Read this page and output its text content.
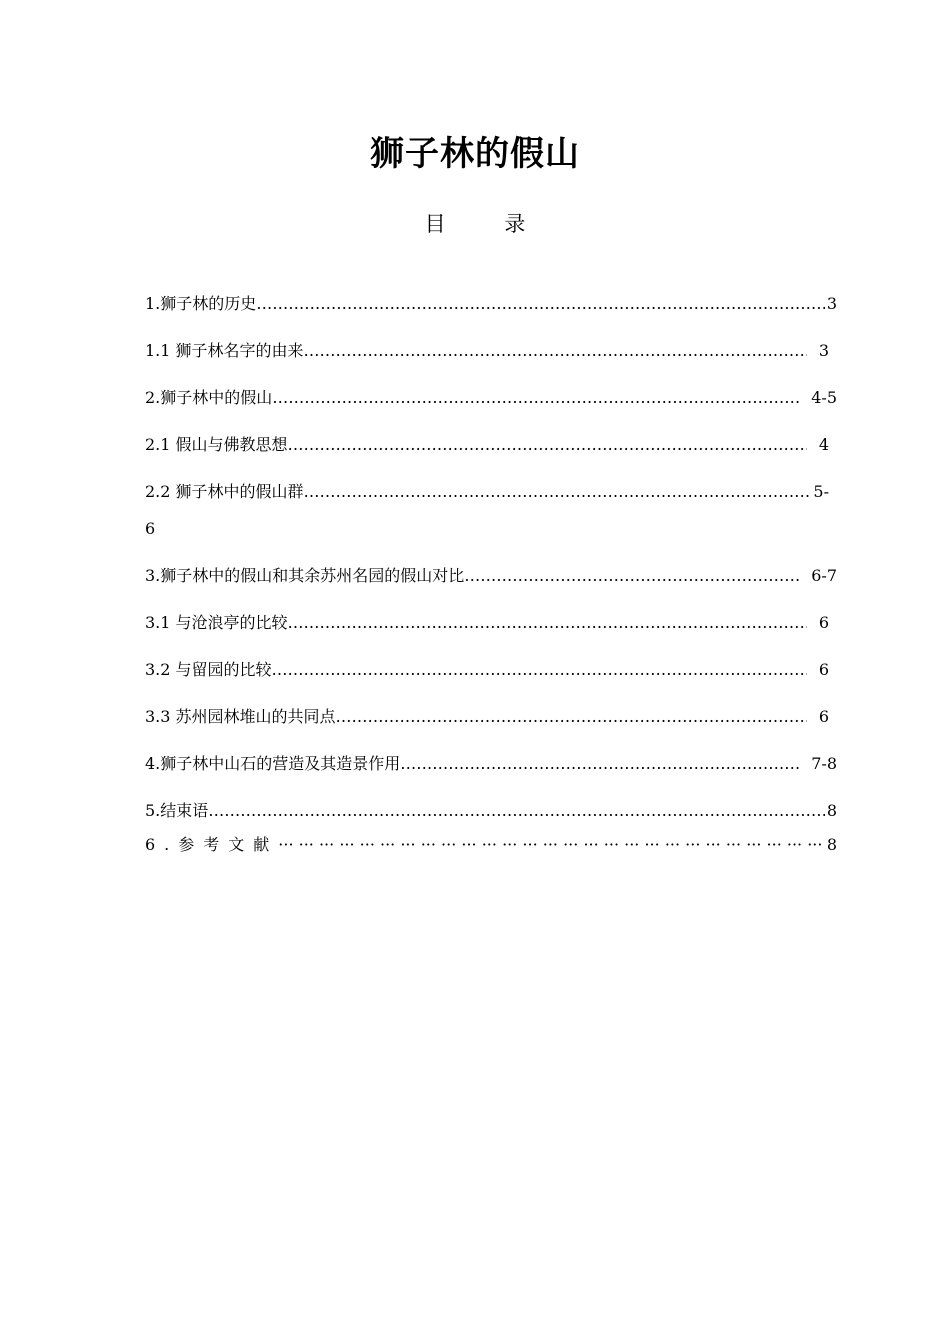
狮子林的假山
目 录
1.狮子林的历史 …………………………………………………………………………………………………………………………………………………………………………………	3
1.1 狮子林名字的由来 …………………………………………………………………………………………………………………………………………………………………………………	3
2.狮子林中的假山 …………………………………………………………………………………………………………………………………………………………………………………	4-5
2.1 假山与佛教思想 …………………………………………………………………………………………………………………………………………………………………………………	4
2.2 狮子林中的假山群 …………………………………………………………………………………………………………………………………………………………………………………	5-
6
3.狮子林中的假山和其余苏州名园的假山对比 …………………………………………………………………………………………………………………………………………………………………………………	6-7
3.1 与沧浪亭的比较 …………………………………………………………………………………………………………………………………………………………………………………	6
3.2 与留园的比较 …………………………………………………………………………………………………………………………………………………………………………………	6
3.3 苏州园林堆山的共同点 …………………………………………………………………………………………………………………………………………………………………………………	6
4.狮子林中山石的营造及其造景作用 …………………………………………………………………………………………………………………………………………………………………………………	7-8
5.结束语 …………………………………………………………………………………………………………………………………………………………………………………	8
6.参考文献 ··· ·	8
